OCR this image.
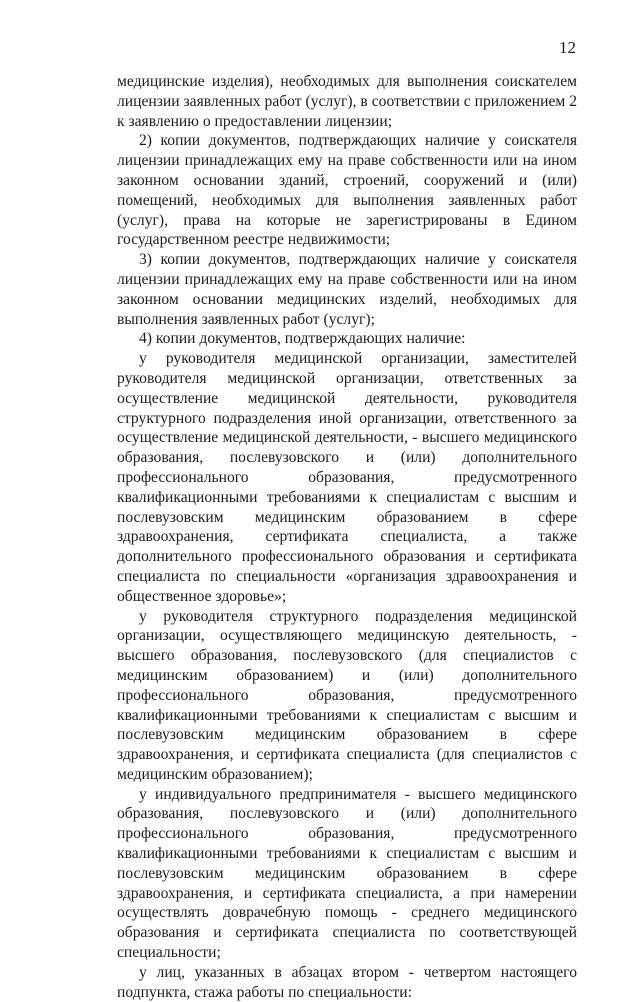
12

медицинские изделия), необходимых для выполнения соискателем лицензии заявленных работ (услуг), в соответствии с приложением 2 к заявлению о предоставлении лицензии;

2) копии документов, подтверждающих наличие у соискателя лицензии принадлежащих ему на праве собственности или на ином законном основании зданий, строений, сооружений и (или) помещений, необходимых для выполнения заявленных работ (услуг), права на которые не зарегистрированы в Едином государственном реестре недвижимости;

3) копии документов, подтверждающих наличие у соискателя лицензии принадлежащих ему на праве собственности или на ином законном основании медицинских изделий, необходимых для выполнения заявленных работ (услуг);

4) копии документов, подтверждающих наличие:

у руководителя медицинской организации, заместителей руководителя медицинской организации, ответственных за осуществление медицинской деятельности, руководителя структурного подразделения иной организации, ответственного за осуществление медицинской деятельности, - высшего медицинского образования, послевузовского и (или) дополнительного профессионального образования, предусмотренного квалификационными требованиями к специалистам с высшим и послевузовским медицинским образованием в сфере здравоохранения, сертификата специалиста, а также дополнительного профессионального образования и сертификата специалиста по специальности «организация здравоохранения и общественное здоровье»;

у руководителя структурного подразделения медицинской организации, осуществляющего медицинскую деятельность, - высшего образования, послевузовского (для специалистов с медицинским образованием) и (или) дополнительного профессионального образования, предусмотренного квалификационными требованиями к специалистам с высшим и послевузовским медицинским образованием в сфере здравоохранения, и сертификата специалиста (для специалистов с медицинским образованием);

у индивидуального предпринимателя - высшего медицинского образования, послевузовского и (или) дополнительного профессионального образования, предусмотренного квалификационными требованиями к специалистам с высшим и послевузовским медицинским образованием в сфере здравоохранения, и сертификата специалиста, а при намерении осуществлять доврачебную помощь - среднего медицинского образования и сертификата специалиста по соответствующей специальности;

у лиц, указанных в абзацах втором - четвертом настоящего подпункта, стажа работы по специальности:
